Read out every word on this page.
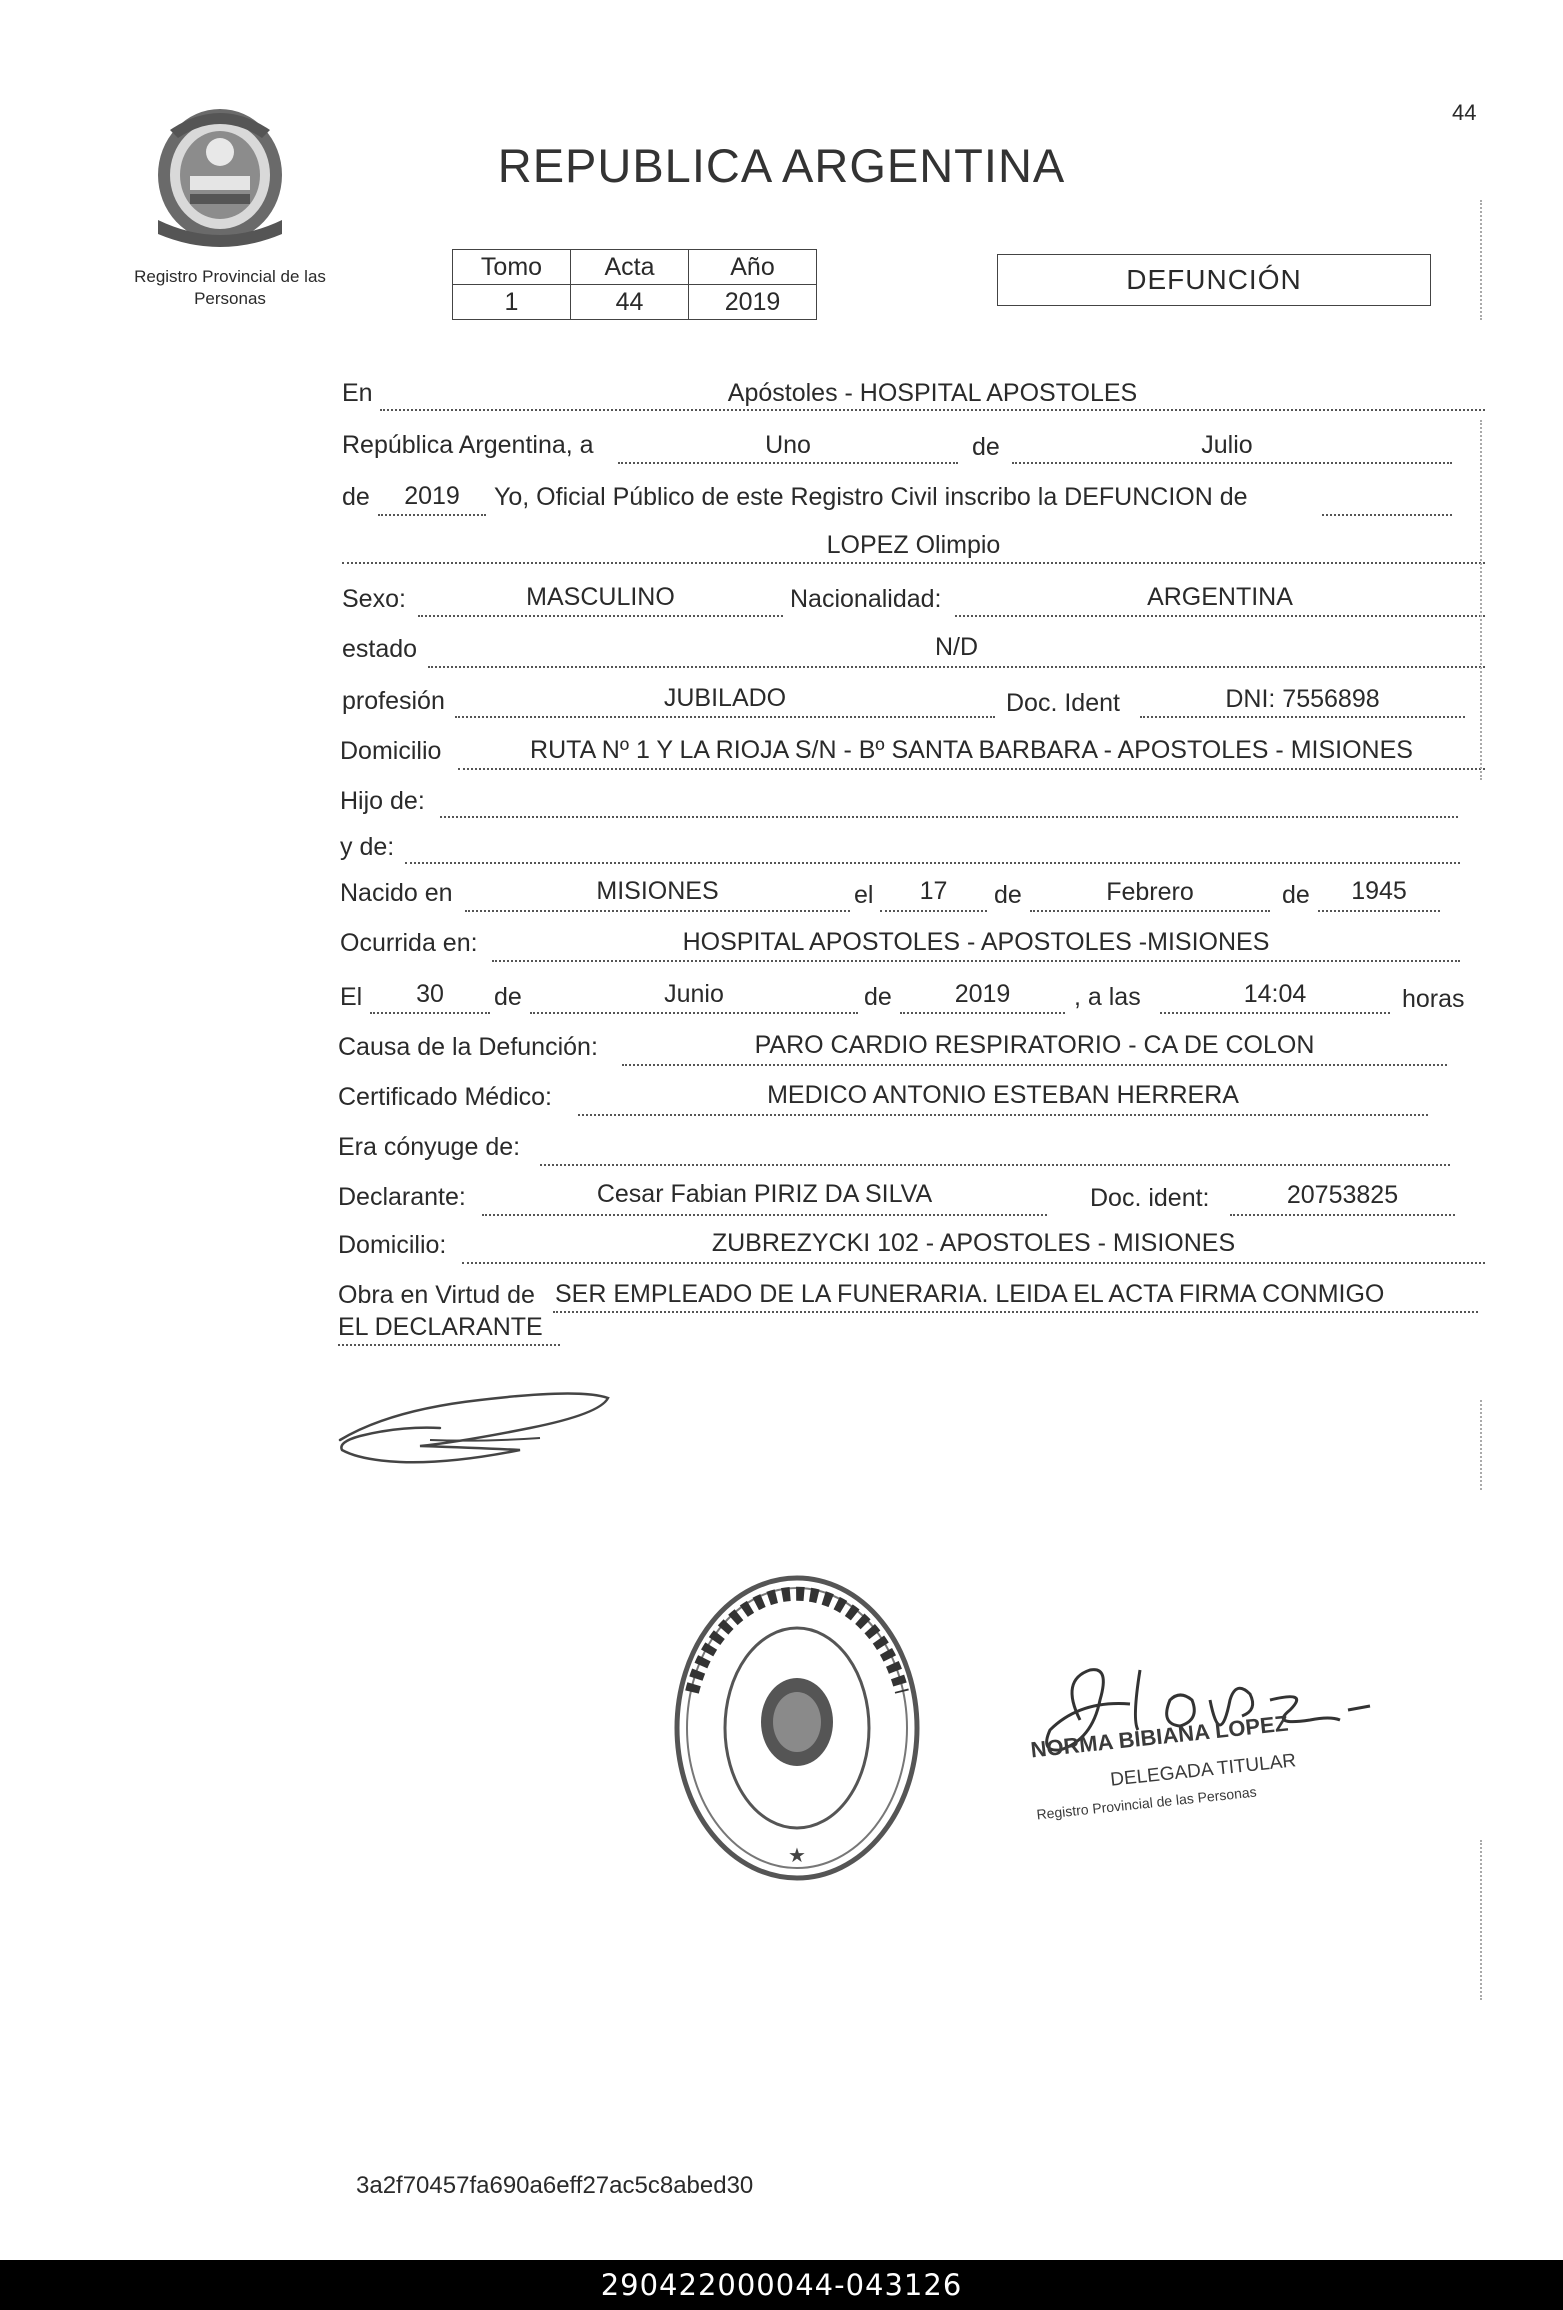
44
Registro Provincial de las Personas
REPUBLICA ARGENTINA
Tomo	Acta	Año
1	44	2019
DEFUNCIÓN
En	Apóstoles - HOSPITAL APOSTOLES
República Argentina, a	Uno	de	Julio
de	2019	Yo, Oficial Público de este Registro Civil inscribo la DEFUNCION de
LOPEZ Olimpio
Sexo:	MASCULINO	Nacionalidad:	ARGENTINA
estado	N/D
profesión	JUBILADO	Doc. Ident	DNI: 7556898
Domicilio	RUTA Nº 1 Y LA RIOJA S/N - Bº SANTA BARBARA - APOSTOLES - MISIONES
Hijo de:
y de:
Nacido en	MISIONES	el	17	de	Febrero	de	1945
Ocurrida en:	HOSPITAL APOSTOLES - APOSTOLES -MISIONES
El	30	de	Junio	de	2019	, a las	14:04	horas
Causa de la Defunción:	PARO CARDIO RESPIRATORIO - CA DE COLON
Certificado Médico:	MEDICO ANTONIO ESTEBAN HERRERA
Era cónyuge de:
Declarante:	Cesar Fabian PIRIZ DA SILVA	Doc. ident:	20753825
Domicilio:	ZUBREZYCKI 102 - APOSTOLES - MISIONES
Obra en Virtud de SER EMPLEADO DE LA FUNERARIA. LEIDA EL ACTA FIRMA CONMIGO
EL DECLARANTE
★
NORMA BIBIANA LOPEZ
DELEGADA TITULAR
Registro Provincial de las Personas
3a2f70457fa690a6eff27ac5c8abed30
290422000044-043126
